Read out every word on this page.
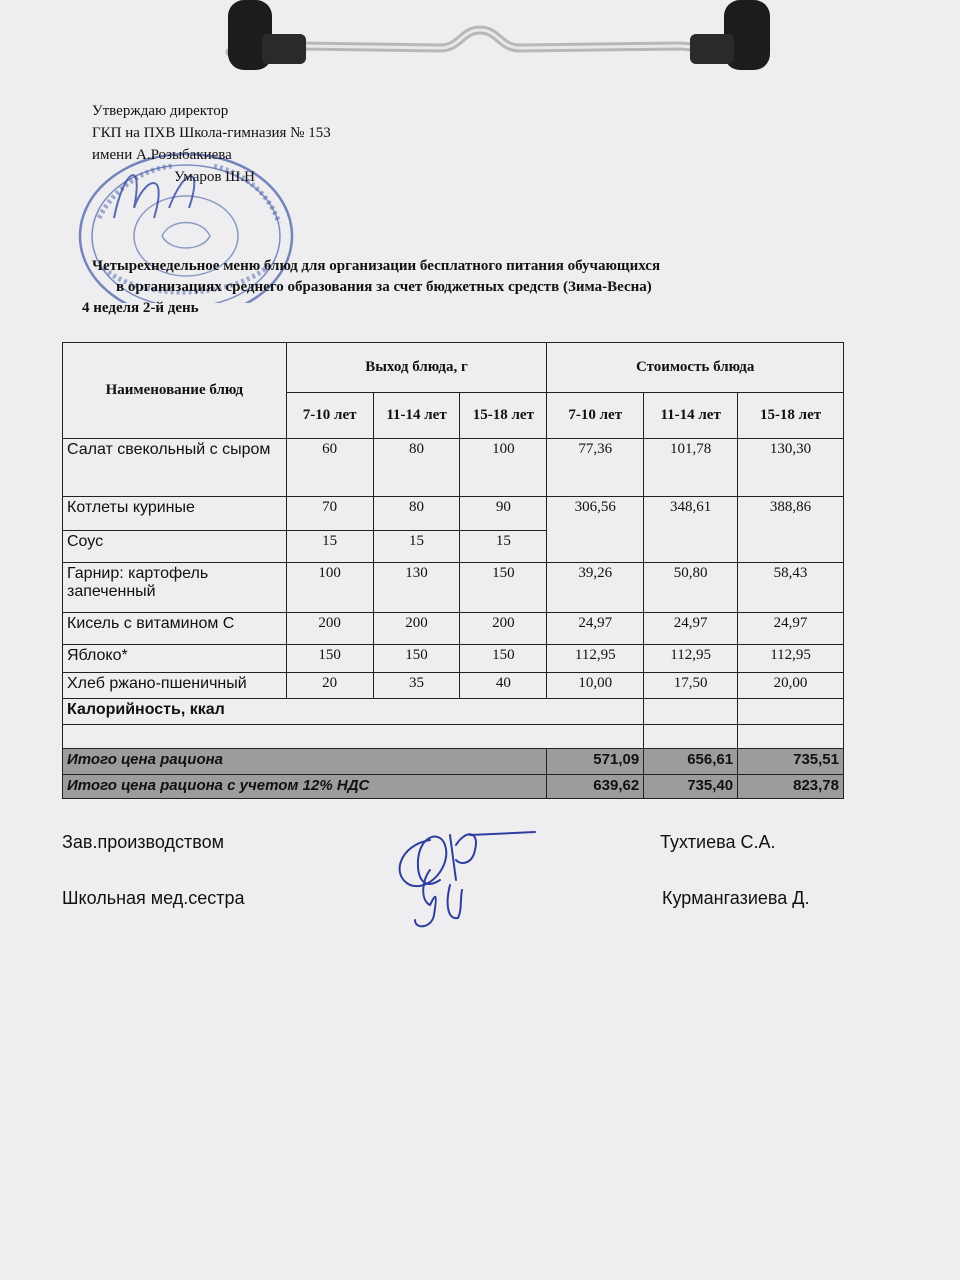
Утверждаю директор
ГКП на ПХВ Школа-гимназия № 153
имени А.Розыбакиева
Умаров Ш.Н
Четырехнедельное меню блюд для организации бесплатного питания обучающихся
в организациях среднего образования за счет бюджетных средств (Зима-Весна)
4 неделя 2-й день
Наименование блюд	Выход блюда, г			Стоимость блюда		
	7-10 лет	11-14 лет	15-18 лет	7-10 лет	11-14 лет	15-18 лет
Салат свекольный с сыром	60	80	100	77,36	101,78	130,30
Котлеты куриные	70	80	90	306,56	348,61	388,86
Соус	15	15	15			
Гарнир: картофель запеченный	100	130	150	39,26	50,80	58,43
Кисель с витамином С	200	200	200	24,97	24,97	24,97
Яблоко*	150	150	150	112,95	112,95	112,95
Хлеб ржано-пшеничный	20	35	40	10,00	17,50	20,00
Калорийность, ккал						

Итого цена рациона				571,09	656,61	735,51
Итого цена рациона с учетом 12% НДС				639,62	735,40	823,78
Зав.производством	Тухтиева С.А.
Школьная мед.сестра	Курмангазиева Д.
